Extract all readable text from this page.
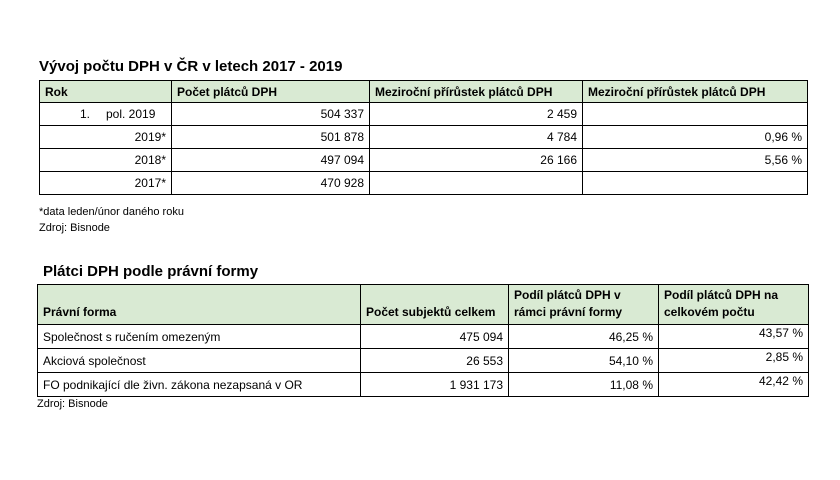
Vývoj počtu DPH v ČR v letech 2017 - 2019
Rok	Počet plátců DPH	Meziroční přírůstek plátců DPH	Meziroční přírůstek plátců DPH

1. pol. 2019	504 337	2 459	
2019*	501 878	4 784	0,96 %
2018*	497 094	26 166	5,56 %
2017*	470 928		
*data leden/únor daného roku
Zdroj: Bisnode
Plátci DPH podle právní formy
Právní forma	Počet subjektů celkem	Podíl plátců DPH v rámci právní formy	Podíl plátců DPH na celkovém počtu
Společnost s ručením omezeným	475 094	46,25 %	43,57 %
Akciová společnost	26 553	54,10 %	2,85 %
FO podnikající dle živn. zákona nezapsaná v OR	1 931 173	11,08 %	42,42 %
Zdroj: Bisnode
